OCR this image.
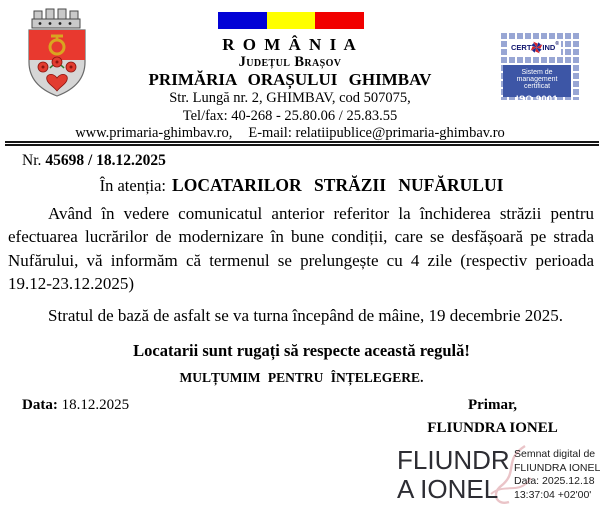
R O M Â N I A
Județul Brașov
PRIMĂRIA ORAȘULUI GHIMBAV
Str. Lungă nr. 2, GHIMBAV, cod 507075,
Tel/fax: 40-268 - 25.80.06 / 25.83.55
www.primaria-ghimbav.ro, E-mail: relatiipublice@primaria-ghimbav.ro
CERT IND ®
Sistem de management
certificat
ISO 9001
Nr. 45698 / 18.12.2025
În atenția: LOCATARILOR STRĂZII NUFĂRULUI

Având în vedere comunicatul anterior referitor la închiderea străzii pentru efectuarea lucrărilor de modernizare în bune condiții, care se desfășoară pe strada Nufărului, vă informăm că termenul se prelungește cu 4 zile (respectiv perioada 19.12-23.12.2025)

Stratul de bază de asfalt se va turna începând de mâine, 19 decembrie 2025.

Locatarii sunt rugați să respecte această regulă!
MULȚUMIM PENTRU ÎNȚELEGERE.
Data: 18.12.2025	Primar,
FLIUNDRA IONEL
FLIUNDR
A IONEL
Semnat digital de
FLIUNDRA IONEL
Data: 2025.12.18
13:37:04 +02'00'
